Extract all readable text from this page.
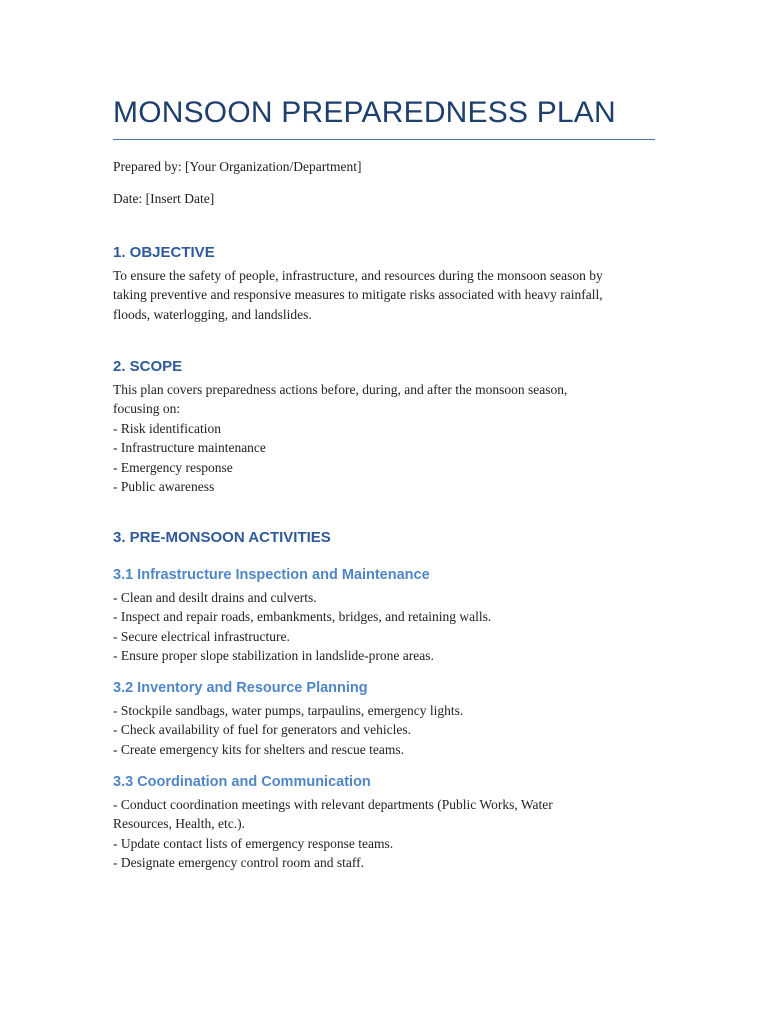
MONSOON PREPAREDNESS PLAN

Prepared by: [Your Organization/Department]

Date: [Insert Date]

1. OBJECTIVE
To ensure the safety of people, infrastructure, and resources during the monsoon season by
taking preventive and responsive measures to mitigate risks associated with heavy rainfall,
floods, waterlogging, and landslides.
2. SCOPE
This plan covers preparedness actions before, during, and after the monsoon season,
focusing on:
- Risk identification
- Infrastructure maintenance
- Emergency response
- Public awareness
3. PRE-MONSOON ACTIVITIES
3.1 Infrastructure Inspection and Maintenance
- Clean and desilt drains and culverts.
- Inspect and repair roads, embankments, bridges, and retaining walls.
- Secure electrical infrastructure.
- Ensure proper slope stabilization in landslide-prone areas.
3.2 Inventory and Resource Planning
- Stockpile sandbags, water pumps, tarpaulins, emergency lights.
- Check availability of fuel for generators and vehicles.
- Create emergency kits for shelters and rescue teams.
3.3 Coordination and Communication
- Conduct coordination meetings with relevant departments (Public Works, Water
Resources, Health, etc.).
- Update contact lists of emergency response teams.
- Designate emergency control room and staff.
